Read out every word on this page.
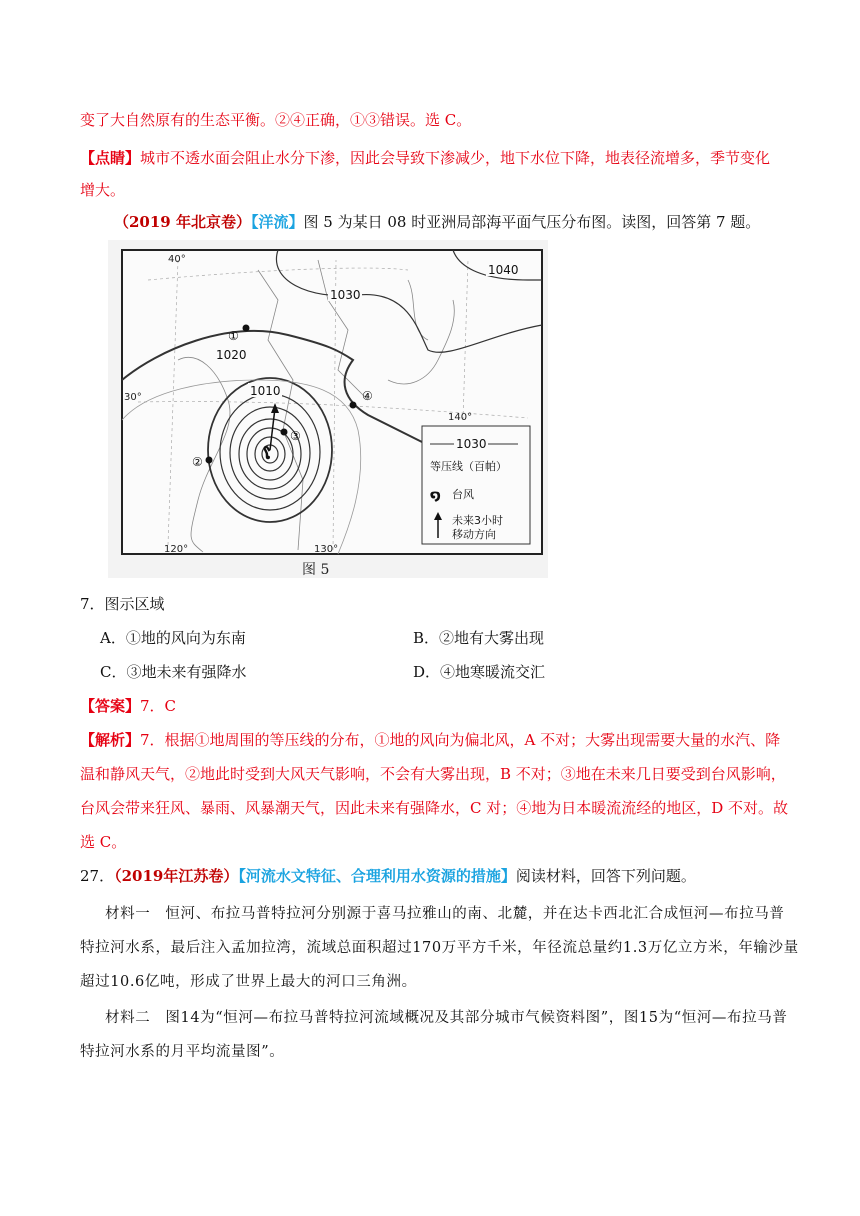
变了大自然原有的生态平衡。②④正确，①③错误。选 C。
【点睛】城市不透水面会阻止水分下渗，因此会导致下渗减少，地下水位下降，地表径流增多，季节变化
增大。
（2019 年北京卷）【洋流】图 5 为某日 08 时亚洲局部海平面气压分布图。读图，回答第 7 题。
1040
1030
1020
1010
40°
30°
120°	130°
140°
①
②
③
④
ໂ
1030
等压线（百帕）
໑ 台风
未来3小时
移动方向
图 5
7．图示区域
A．①地的风向为东南	B．②地有大雾出现
C．③地未来有强降水	D．④地寒暖流交汇
【答案】7．C
【解析】7．根据①地周围的等压线的分布，①地的风向为偏北风，A 不对；大雾出现需要大量的水汽、降
温和静风天气，②地此时受到大风天气影响，不会有大雾出现，B 不对；③地在未来几日要受到台风影响，
台风会带来狂风、暴雨、风暴潮天气，因此未来有强降水，C 对；④地为日本暖流流经的地区，D 不对。故
选 C。
27．（2019年江苏卷）【河流水文特征、合理利用水资源的措施】阅读材料，回答下列问题。
材料一　恒河、布拉马普特拉河分别源于喜马拉雅山的南、北麓，并在达卡西北汇合成恒河—布拉马普
特拉河水系，最后注入孟加拉湾，流域总面积超过170万平方千米，年径流总量约1.3万亿立方米，年输沙量
超过10.6亿吨，形成了世界上最大的河口三角洲。
材料二　图14为“恒河—布拉马普特拉河流域概况及其部分城市气候资料图”，图15为“恒河—布拉马普
特拉河水系的月平均流量图”。
